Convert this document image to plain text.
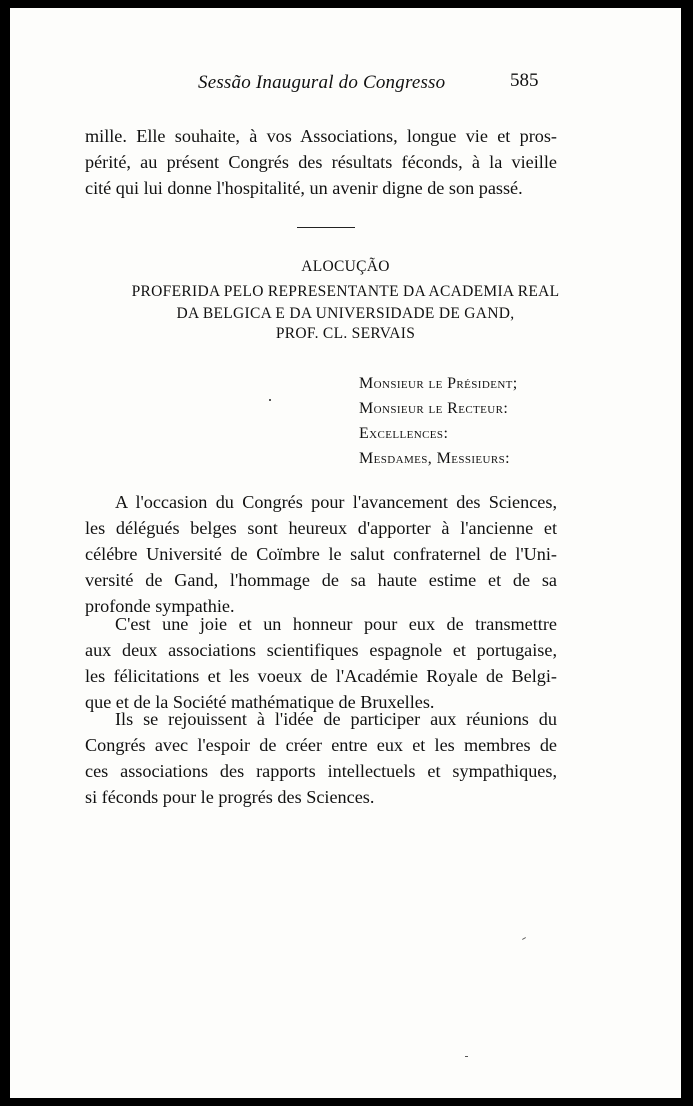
Sessão Inaugural do Congresso	585

mille. Elle souhaite, à vos Associations, longue vie et pros-
périté, au présent Congrés des résultats féconds, à la vieille
cité qui lui donne l'hospitalité, un avenir digne de son passé.

ALOCUÇÃO
PROFERIDA PELO REPRESENTANTE DA ACADEMIA REAL
DA BELGICA E DA UNIVERSIDADE DE GAND,
PROF. CL. SERVAIS
Monsieur le Président;
Monsieur le Recteur:
Excellences:
Mesdames, Messieurs:

A l'occasion du Congrés pour l'avancement des Sciences,
les délégués belges sont heureux d'apporter à l'ancienne et
célébre Université de Coïmbre le salut confraternel de l'Uni-
versité de Gand, l'hommage de sa haute estime et de sa
profonde sympathie.

C'est une joie et un honneur pour eux de transmettre
aux deux associations scientifiques espagnole et portugaise,
les félicitations et les voeux de l'Académie Royale de Belgi-
que et de la Société mathématique de Bruxelles.

Ils se rejouissent à l'idée de participer aux réunions du
Congrés avec l'espoir de créer entre eux et les membres de
ces associations des rapports intellectuels et sympathiques,
si féconds pour le progrés des Sciences.
